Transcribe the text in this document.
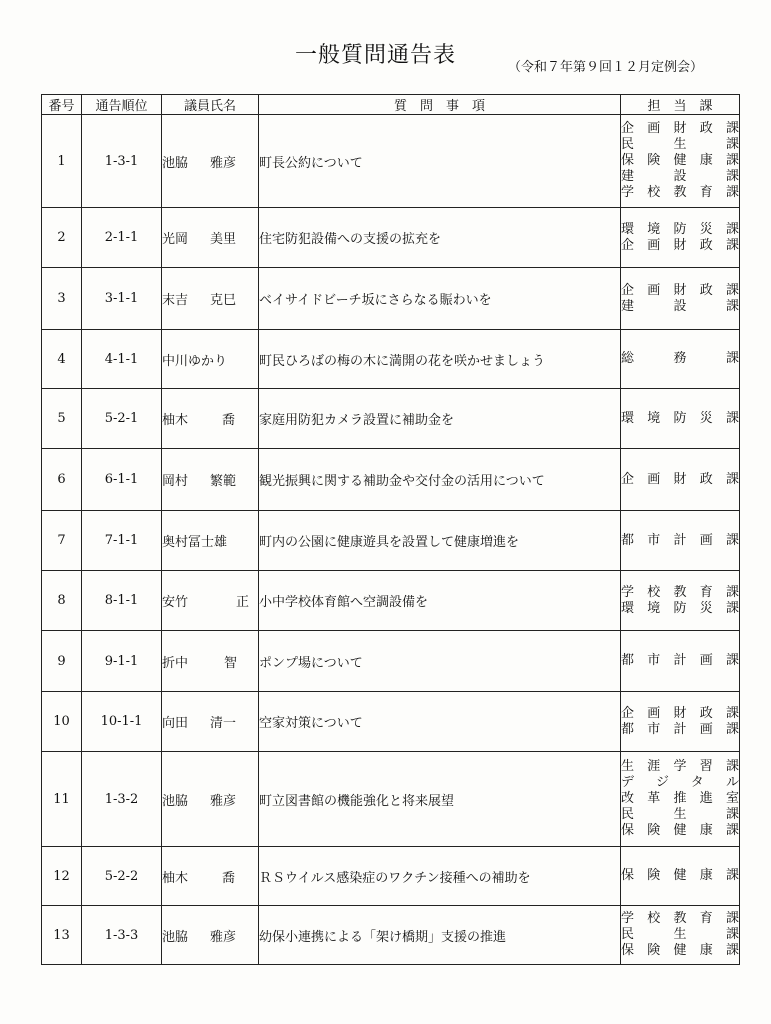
一般質問通告表	（令和７年第９回１２月定例会）
番号	通告順位	議員氏名	質　問　事　項	担　当　課
1	1-3-1	池脇 雅彦	町長公約について	企画財政課
民　生　課
保険健康課
建　設　課
学校教育課

2	2-1-1	光岡 美里	住宅防犯設備への支援の拡充を	環境防災課
企画財政課

3	3-1-1	末吉 克巳	ベイサイドビーチ坂にさらなる賑わいを	企画財政課
建　設　課

4	4-1-1	中川ゆかり	町民ひろばの梅の木に満開の花を咲かせましょう	総　務　課

5	5-2-1	柚木 喬	家庭用防犯カメラ設置に補助金を	環境防災課

6	6-1-1	岡村 繁範	観光振興に関する補助金や交付金の活用について	企画財政課

7	7-1-1	奥村冨士雄	町内の公園に健康遊具を設置して健康増進を	都市計画課

8	8-1-1	安竹 正	小中学校体育館へ空調設備を	学校教育課
環境防災課

9	9-1-1	折中 智	ポンプ場について	都市計画課

10	10-1-1	向田 清一	空家対策について	企画財政課
都市計画課

11	1-3-2	池脇 雅彦	町立図書館の機能強化と将来展望	生涯学習課
デジタル
改革推進室
民　生　課
保険健康課

12	5-2-2	柚木 喬	ＲＳウイルス感染症のワクチン接種への補助を	保険健康課

13	1-3-3	池脇 雅彦	幼保小連携による「架け橋期」支援の推進	学校教育課
民　生　課
保険健康課
